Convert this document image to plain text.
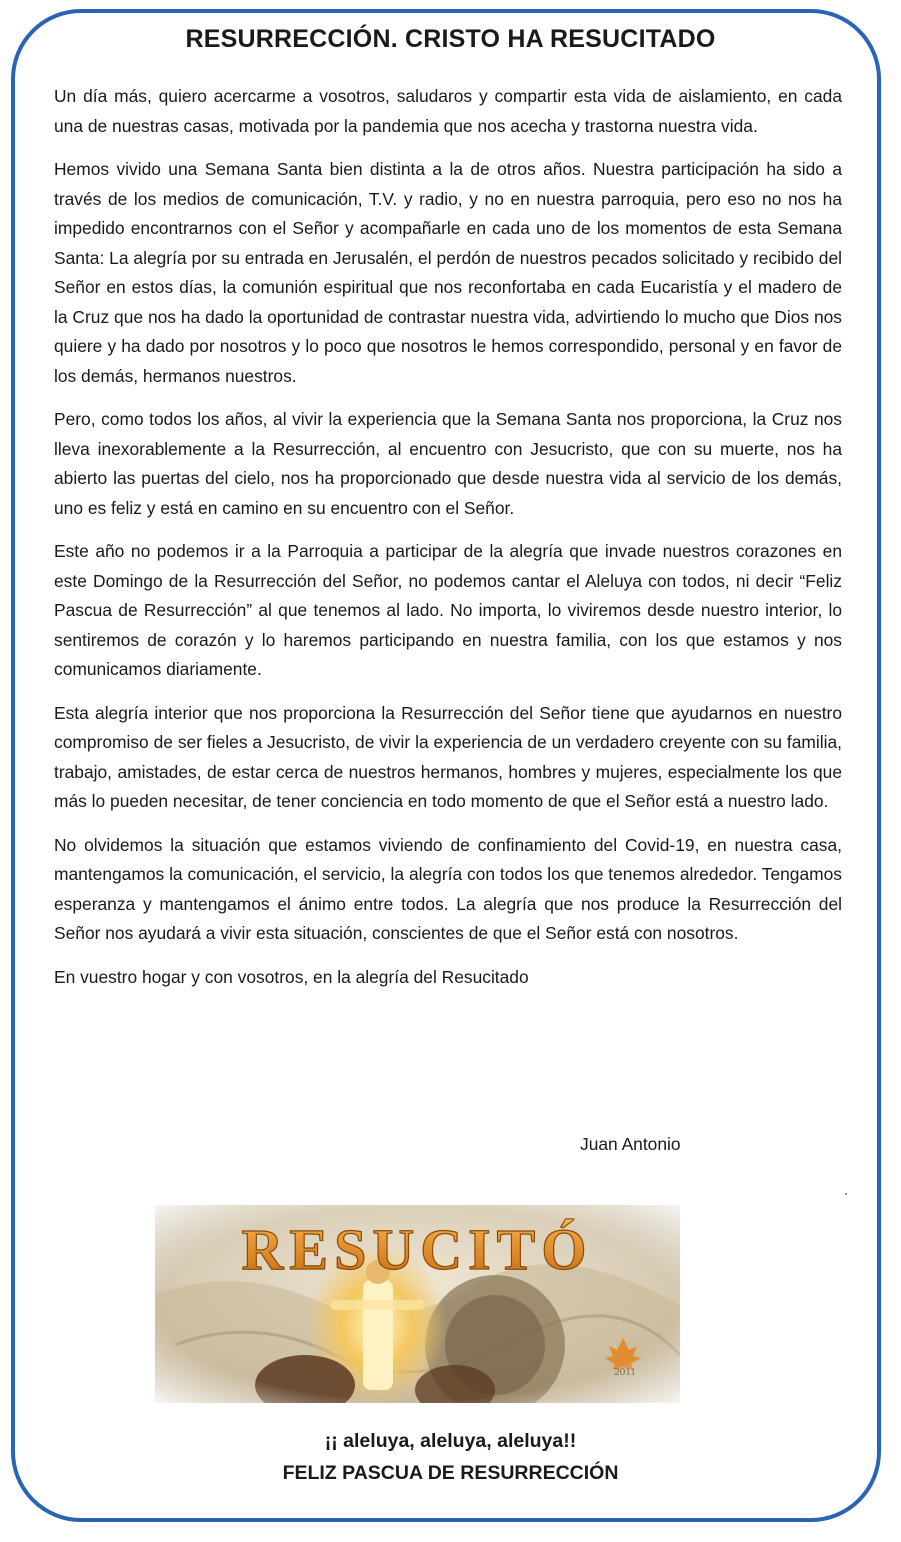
RESURRECCIÓN. CRISTO HA RESUCITADO

Un día más, quiero acercarme a vosotros, saludaros y compartir esta vida de aislamiento, en cada una de nuestras casas, motivada por la pandemia que nos acecha y trastorna nuestra vida.

Hemos vivido una Semana Santa bien distinta a la de otros años. Nuestra participación ha sido a través de los medios de comunicación, T.V. y radio, y no en nuestra parroquia, pero eso no nos ha impedido encontrarnos con el Señor y acompañarle en cada uno de los momentos de esta Semana Santa: La alegría por su entrada en Jerusalén, el perdón de nuestros pecados solicitado y recibido del Señor en estos días, la comunión espiritual que nos reconfortaba en cada Eucaristía y el madero de la Cruz que nos ha dado la oportunidad de contrastar nuestra vida, advirtiendo lo mucho que Dios nos quiere y ha dado por nosotros y lo poco que nosotros le hemos correspondido, personal y en favor de los demás, hermanos nuestros.

Pero, como todos los años, al vivir la experiencia que la Semana Santa nos proporciona, la Cruz nos lleva inexorablemente a la Resurrección, al encuentro con Jesucristo, que con su muerte, nos ha abierto las puertas del cielo, nos ha proporcionado que desde nuestra vida al servicio de los demás, uno es feliz y está en camino en su encuentro con el Señor.

Este año no podemos ir a la Parroquia a participar de la alegría que invade nuestros corazones en este Domingo de la Resurrección del Señor, no podemos cantar el Aleluya con todos, ni decir “Feliz Pascua de Resurrección” al que tenemos al lado. No importa, lo viviremos desde nuestro interior, lo sentiremos de corazón y lo haremos participando en nuestra familia, con los que estamos y nos comunicamos diariamente.

Esta alegría interior que nos proporciona la Resurrección del Señor tiene que ayudarnos en nuestro compromiso de ser fieles a Jesucristo, de vivir la experiencia de un verdadero creyente con su familia, trabajo, amistades, de estar cerca de nuestros hermanos, hombres y mujeres, especialmente los que más lo pueden necesitar, de tener conciencia en todo momento de que el Señor está a nuestro lado.

No olvidemos la situación que estamos viviendo de confinamiento del Covid-19, en nuestra casa, mantengamos la comunicación, el servicio, la alegría con todos los que tenemos alrededor. Tengamos esperanza y mantengamos el ánimo entre todos. La alegría que nos produce la Resurrección del Señor nos ayudará a vivir esta situación, conscientes de que el Señor está con nosotros.

En vuestro hogar y con vosotros, en la alegría del Resucitado

Juan Antonio
¡¡ aleluya, aleluya, aleluya!!
FELIZ PASCUA DE RESURRECCIÓN
